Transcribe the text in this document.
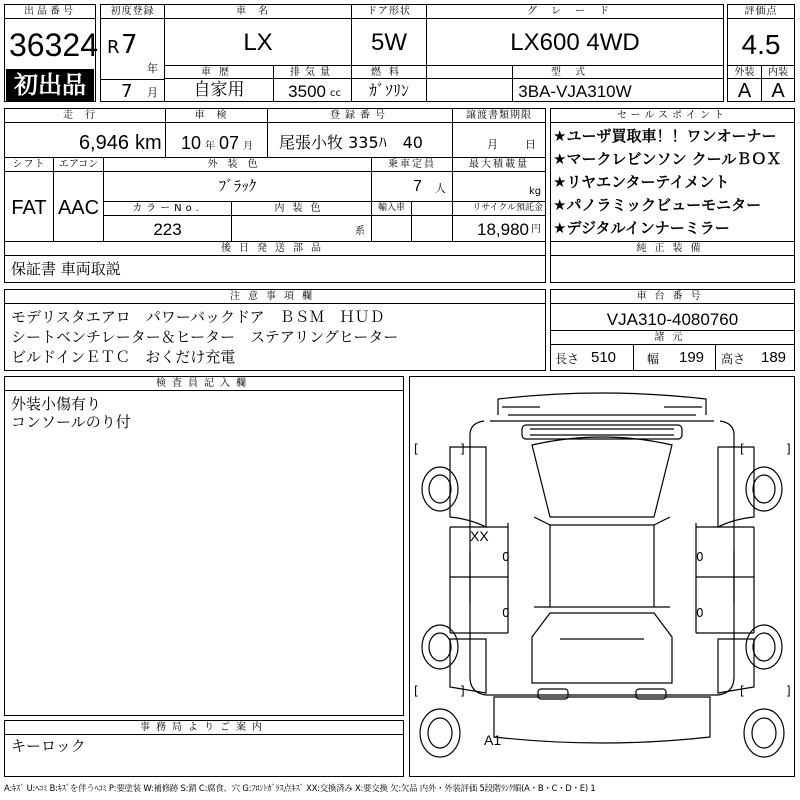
出品番号
36324
初出品
初度登録
R 7
年
7 月
車名
LX
ドア形状
5W
グレード
LX600 4WD
車歴
自家用
排気量
3500 cc
燃料
ｶﾞｿﾘﾝ
型式
3BA-VJA310W
評価点
4.5
外装	内装
A	A
走行
6,946 km
車検
10 年 07 月
登録番号
尾張小牧 335ﾊ　40
譲渡書類期限
月 日
シフト
FAT
エアコン
AAC
外装色
ﾌﾞﾗｯｸ
乗車定員
7 人
最大積載量
kg
カラーNo.
223
内装色
系
輸入車	リサイクル預託金
18,980 円
後日発送部品
保証書 車両取説
セールスポイント
★ユーザ買取車！！ワンオーナー
★マークレビンソン クールＢＯＸ
★リヤエンターテイメント
★パノラミックビューモニター
★デジタルインナーミラー
純正装備
注意事項欄
モデリスタエアロ　パワーバックドア　ＢＳＭ　ＨＵＤ
シートベンチレーター＆ヒーター　ステアリングヒーター
ビルドインＥＴＣ　おくだけ充電
車台番号
VJA310-4080760
諸元
長さ 510	幅 199 高さ 189
検査員記入欄
外装小傷有り
コンソールのり付
事務局よりご案内
キーロック
[	]	[	]
[	]	[	]
0	0
0	0
XX
A1
A:ｷｽﾞ U:ﾍｺﾐ B:ｷｽﾞを伴うﾍｺﾐ P:要塗装 W:補修跡 S:錆 C:腐食、穴 G:ﾌﾛﾝﾄｶﾞﾗｽ点ｷｽﾞ XX:交換済み X:要交換 欠:欠品 内外・外装評価 5段階ﾗﾝｸ順(A・B・C・D・E) 1
